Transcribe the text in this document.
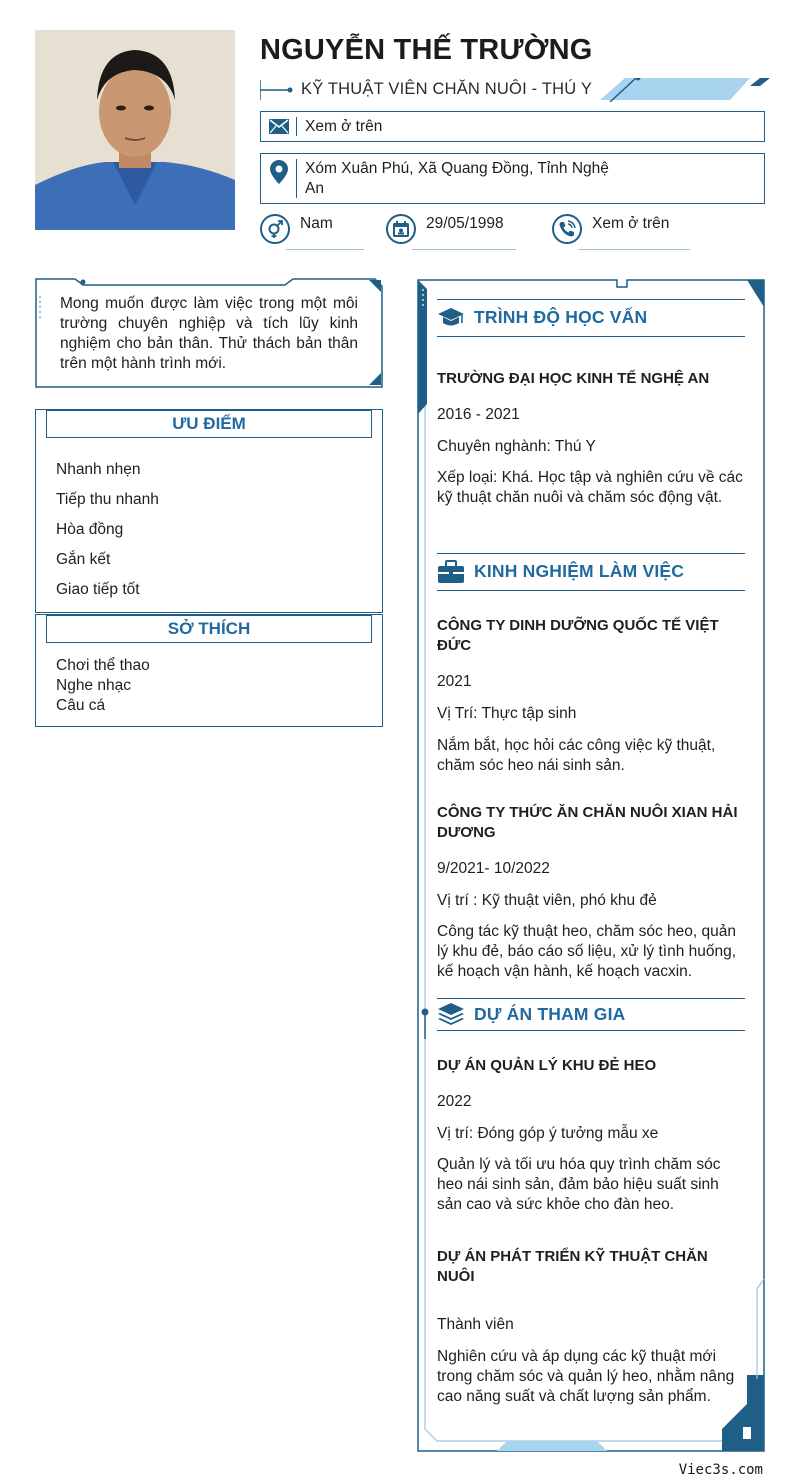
NGUYỄN THẾ TRƯỜNG
KỸ THUẬT VIÊN CHĂN NUÔI - THÚ Y
Xem ở trên
Xóm Xuân Phú, Xã Quang Đồng, Tỉnh Nghệ An
Nam	29/05/1998	Xem ở trên
Mong muốn được làm việc trong một môi trường chuyên nghiệp và tích lũy kinh nghiệm cho bản thân. Thử thách bản thân trên một hành trình mới.
ƯU ĐIỂM
Nhanh nhẹn
Tiếp thu nhanh
Hòa đồng
Gắn kết
Giao tiếp tốt
SỞ THÍCH
Chơi thể thao
Nghe nhạc
Câu cá
TRÌNH ĐỘ HỌC VẤN
TRƯỜNG ĐẠI HỌC KINH TẾ NGHỆ AN
2016 - 2021
Chuyên nghành: Thú Y
Xếp loại: Khá. Học tập và nghiên cứu về các kỹ thuật chăn nuôi và chăm sóc động vật.
KINH NGHIỆM LÀM VIỆC
CÔNG TY DINH DƯỠNG QUỐC TẾ VIỆT ĐỨC
2021
Vị Trí: Thực tập sinh
Nắm bắt, học hỏi các công việc kỹ thuật, chăm sóc heo nái sinh sản.
CÔNG TY THỨC ĂN CHĂN NUÔI XIAN HẢI DƯƠNG
9/2021- 10/2022
Vị trí : Kỹ thuật viên, phó khu đẻ
Công tác kỹ thuật heo, chăm sóc heo, quản lý khu đẻ, báo cáo số liệu, xử lý tình huống, kế hoạch vận hành, kế hoạch vacxin.
DỰ ÁN THAM GIA
DỰ ÁN QUẢN LÝ KHU ĐẺ HEO
2022
Vị trí: Đóng góp ý tưởng mẫu xe
Quản lý và tối ưu hóa quy trình chăm sóc heo nái sinh sản, đảm bảo hiệu suất sinh sản cao và sức khỏe cho đàn heo.
DỰ ÁN PHÁT TRIỂN KỸ THUẬT CHĂN NUÔI
Thành viên
Nghiên cứu và áp dụng các kỹ thuật mới trong chăm sóc và quản lý heo, nhằm nâng cao năng suất và chất lượng sản phẩm.
Viec3s.com
